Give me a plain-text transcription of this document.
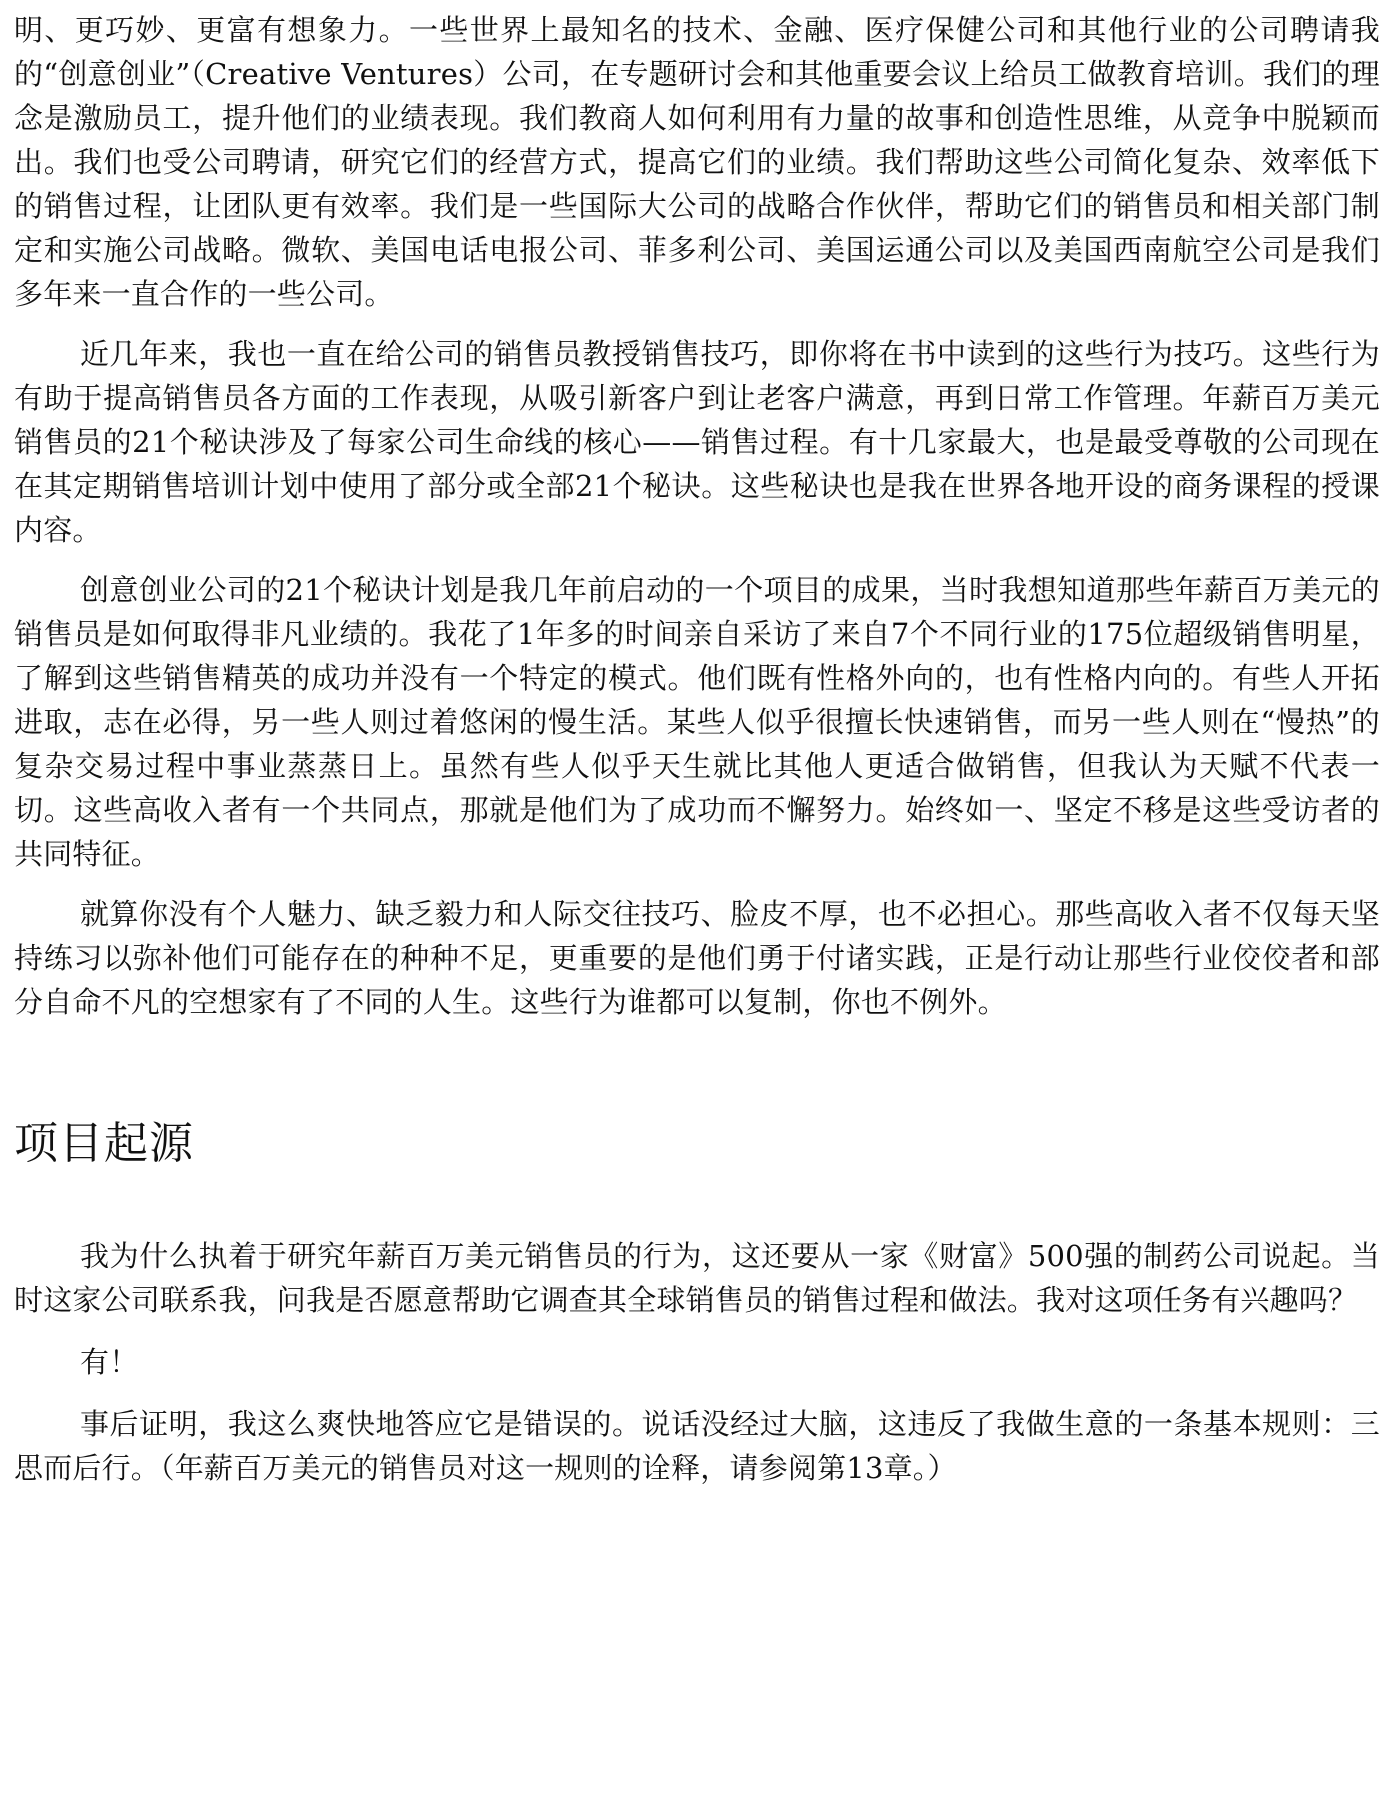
明、更巧妙、更富有想象力。一些世界上最知名的技术、金融、医疗保健公司和其他行业的公司聘请我的“创意创业”（Creative Ventures）公司，在专题研讨会和其他重要会议上给员工做教育培训。我们的理念是激励员工，提升他们的业绩表现。我们教商人如何利用有力量的故事和创造性思维，从竞争中脱颖而出。我们也受公司聘请，研究它们的经营方式，提高它们的业绩。我们帮助这些公司简化复杂、效率低下的销售过程，让团队更有效率。我们是一些国际大公司的战略合作伙伴，帮助它们的销售员和相关部门制定和实施公司战略。微软、美国电话电报公司、菲多利公司、美国运通公司以及美国西南航空公司是我们多年来一直合作的一些公司。

近几年来，我也一直在给公司的销售员教授销售技巧，即你将在书中读到的这些行为技巧。这些行为有助于提高销售员各方面的工作表现，从吸引新客户到让老客户满意，再到日常工作管理。年薪百万美元销售员的21个秘诀涉及了每家公司生命线的核心——销售过程。有十几家最大，也是最受尊敬的公司现在在其定期销售培训计划中使用了部分或全部21个秘诀。这些秘诀也是我在世界各地开设的商务课程的授课内容。

创意创业公司的21个秘诀计划是我几年前启动的一个项目的成果，当时我想知道那些年薪百万美元的销售员是如何取得非凡业绩的。我花了1年多的时间亲自采访了来自7个不同行业的175位超级销售明星，了解到这些销售精英的成功并没有一个特定的模式。他们既有性格外向的，也有性格内向的。有些人开拓进取，志在必得，另一些人则过着悠闲的慢生活。某些人似乎很擅长快速销售，而另一些人则在“慢热”的复杂交易过程中事业蒸蒸日上。虽然有些人似乎天生就比其他人更适合做销售，但我认为天赋不代表一切。这些高收入者有一个共同点，那就是他们为了成功而不懈努力。始终如一、坚定不移是这些受访者的共同特征。

就算你没有个人魅力、缺乏毅力和人际交往技巧、脸皮不厚，也不必担心。那些高收入者不仅每天坚持练习以弥补他们可能存在的种种不足，更重要的是他们勇于付诸实践，正是行动让那些行业佼佼者和部分自命不凡的空想家有了不同的人生。这些行为谁都可以复制，你也不例外。

项目起源

我为什么执着于研究年薪百万美元销售员的行为，这还要从一家《财富》500强的制药公司说起。当时这家公司联系我，问我是否愿意帮助它调查其全球销售员的销售过程和做法。我对这项任务有兴趣吗？

有！

事后证明，我这么爽快地答应它是错误的。说话没经过大脑，这违反了我做生意的一条基本规则：三思而后行。（年薪百万美元的销售员对这一规则的诠释，请参阅第13章。）
